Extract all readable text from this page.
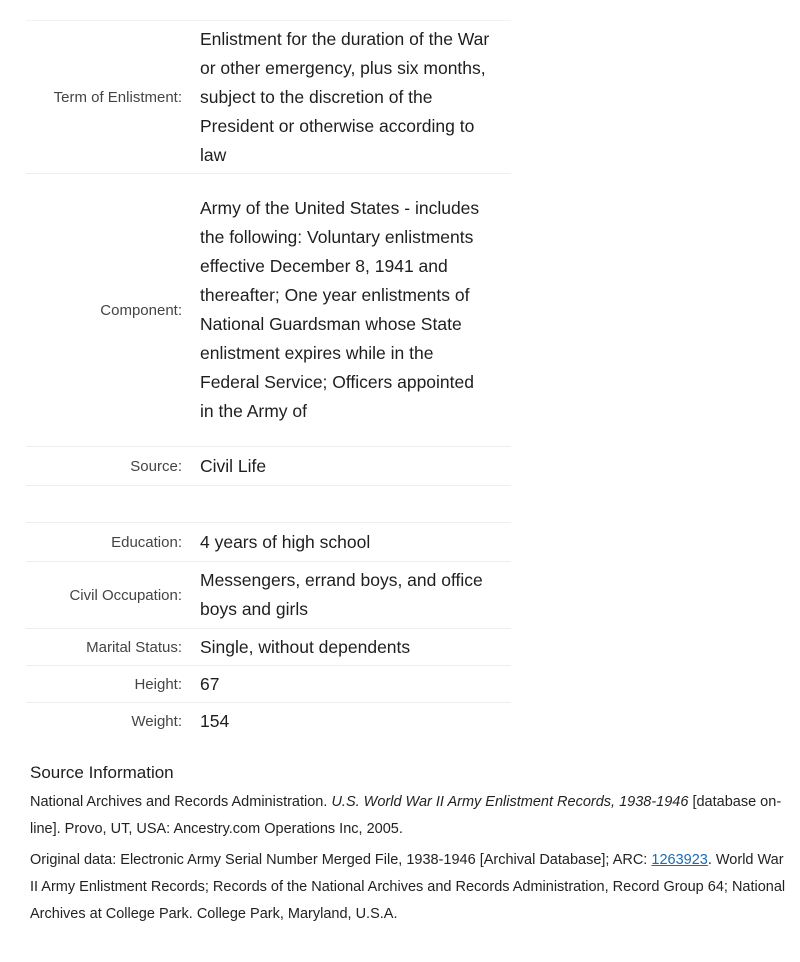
Term of Enlistment:
Enlistment for the duration of the War or other emergency, plus six months, subject to the discretion of the President or otherwise according to law
Component:
Army of the United States - includes the following: Voluntary enlistments effective December 8, 1941 and thereafter; One year enlistments of National Guardsman whose State enlistment expires while in the Federal Service; Officers appointed in the Army of
Source:	Civil Life
Education:	4 years of high school
Civil Occupation:
Messengers, errand boys, and office boys and girls
Marital Status:	Single, without dependents
Height:	67
Weight:	154
Source Information

National Archives and Records Administration. U.S. World War II Army Enlistment Records, 1938-1946 [database on-line]. Provo, UT, USA: Ancestry.com Operations Inc, 2005.

Original data: Electronic Army Serial Number Merged File, 1938-1946 [Archival Database]; ARC: 1263923. World War II Army Enlistment Records; Records of the National Archives and Records Administration, Record Group 64; National Archives at College Park. College Park, Maryland, U.S.A.
